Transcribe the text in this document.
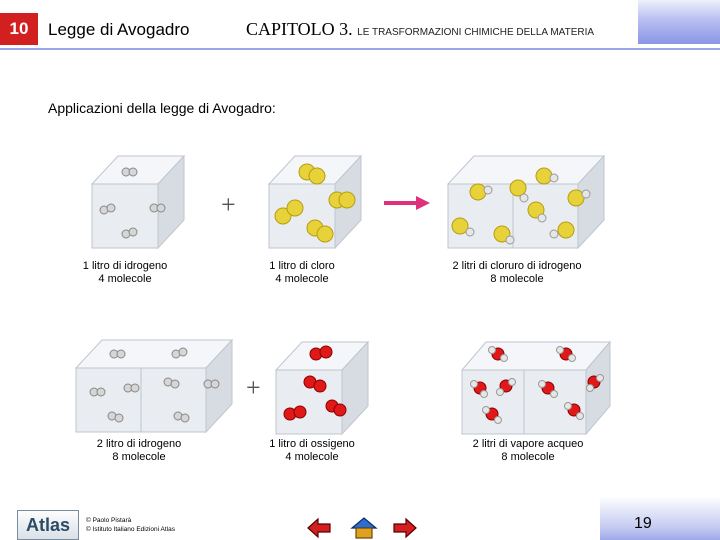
10	Legge di Avogadro	CAPITOLO 3. LE TRASFORMAZIONI CHIMICHE DELLA MATERIA
Applicazioni della legge di Avogadro:
+
1 litro di idrogeno
4 molecole
1 litro di cloro
4 molecole
2 litri di cloruro di idrogeno
8 molecole
+
2 litro di idrogeno
8 molecole
1 litro di ossigeno
4 molecole
2 litri di vapore acqueo
8 molecole
Atlas	© Paolo Pistarà
© Istituto Italiano Edizioni Atlas	19
